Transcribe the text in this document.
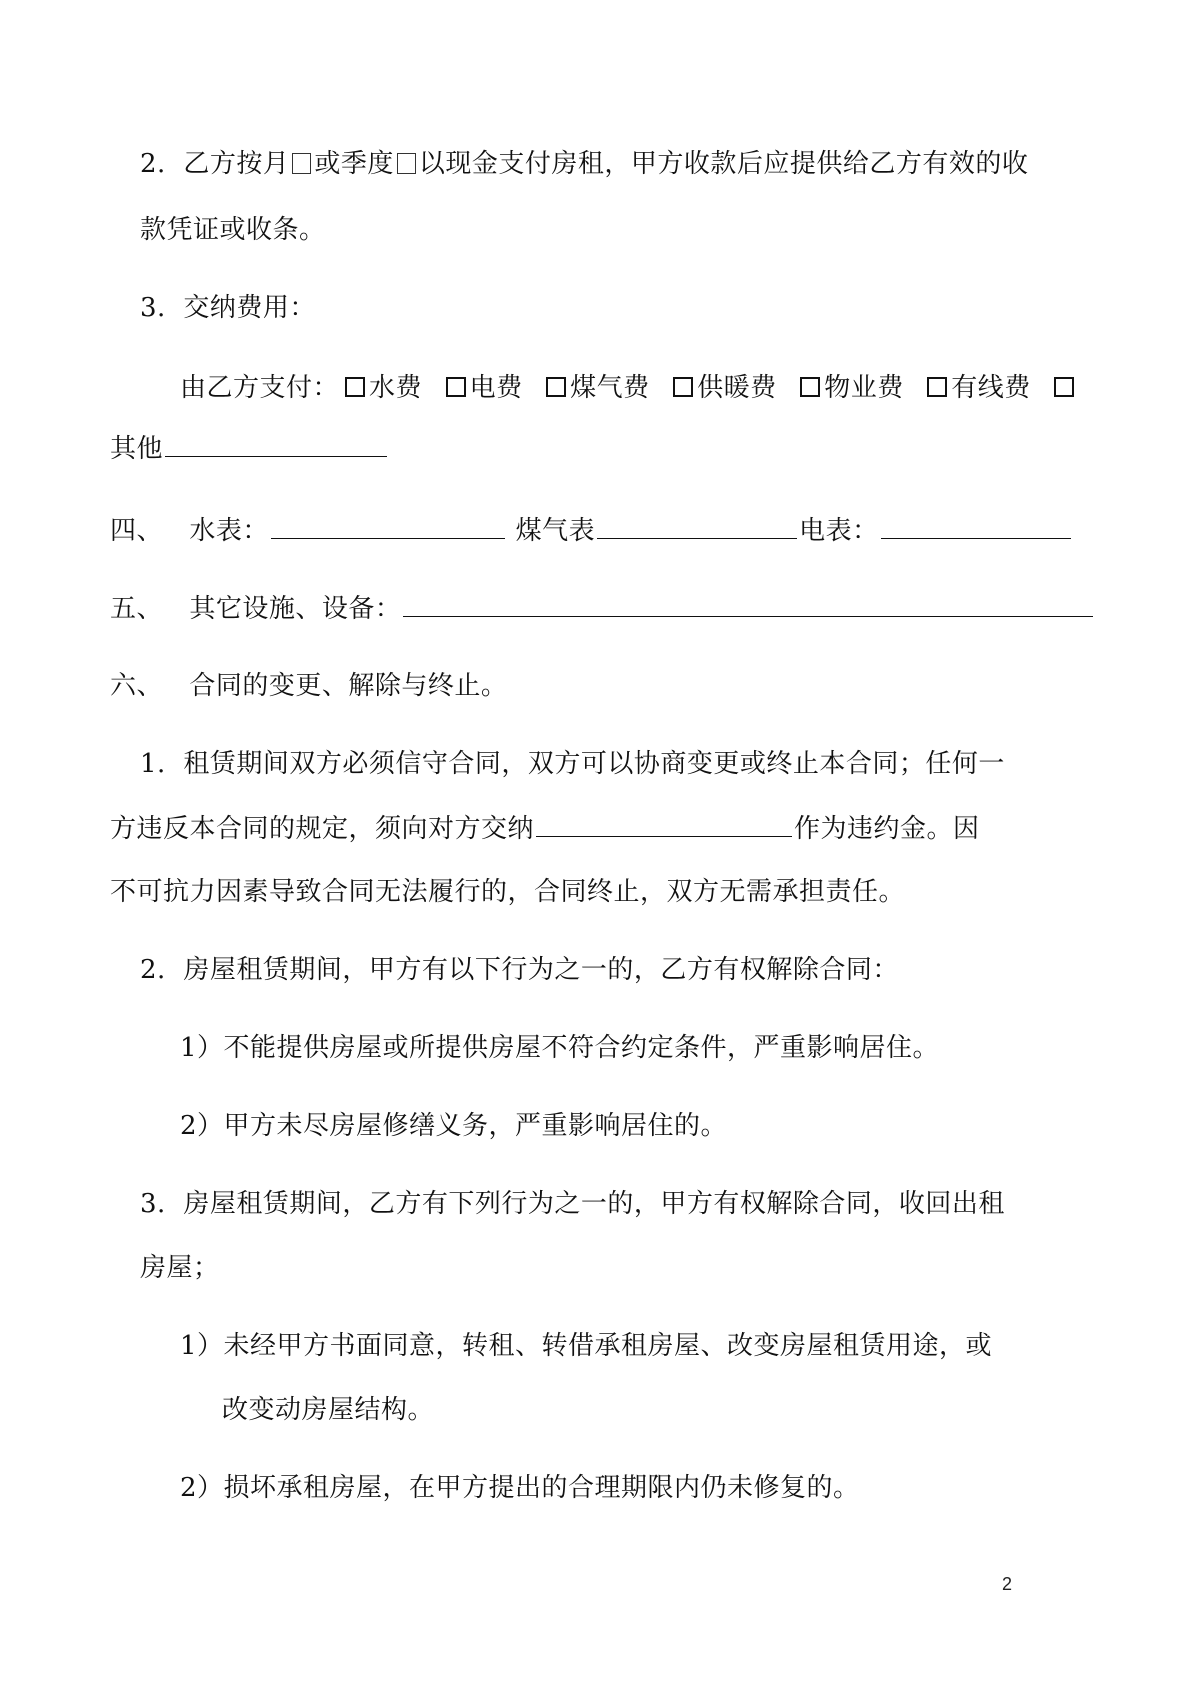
2. 乙方按月 或季度 以现金支付房租，甲方收款后应提供给乙方有效的收
款凭证或收条。
3. 交纳费用：
由乙方支付： 水费 电费 煤气费 供暖费 物业费 有线费
其他
四、 水表：	煤气表	电表：
五、 其它设施、设备：
六、 合同的变更、解除与终止。
1. 租赁期间双方必须信守合同，双方可以协商变更或终止本合同；任何一
方违反本合同的规定，须向对方交纳	作为违约金。因
不可抗力因素导致合同无法履行的，合同终止，双方无需承担责任。
2. 房屋租赁期间，甲方有以下行为之一的，乙方有权解除合同：
1）不能提供房屋或所提供房屋不符合约定条件，严重影响居住。
2）甲方未尽房屋修缮义务，严重影响居住的。
3. 房屋租赁期间，乙方有下列行为之一的，甲方有权解除合同，收回出租
房屋；
1）未经甲方书面同意，转租、转借承租房屋、改变房屋租赁用途，或
改变动房屋结构。
2）损坏承租房屋，在甲方提出的合理期限内仍未修复的。
2
